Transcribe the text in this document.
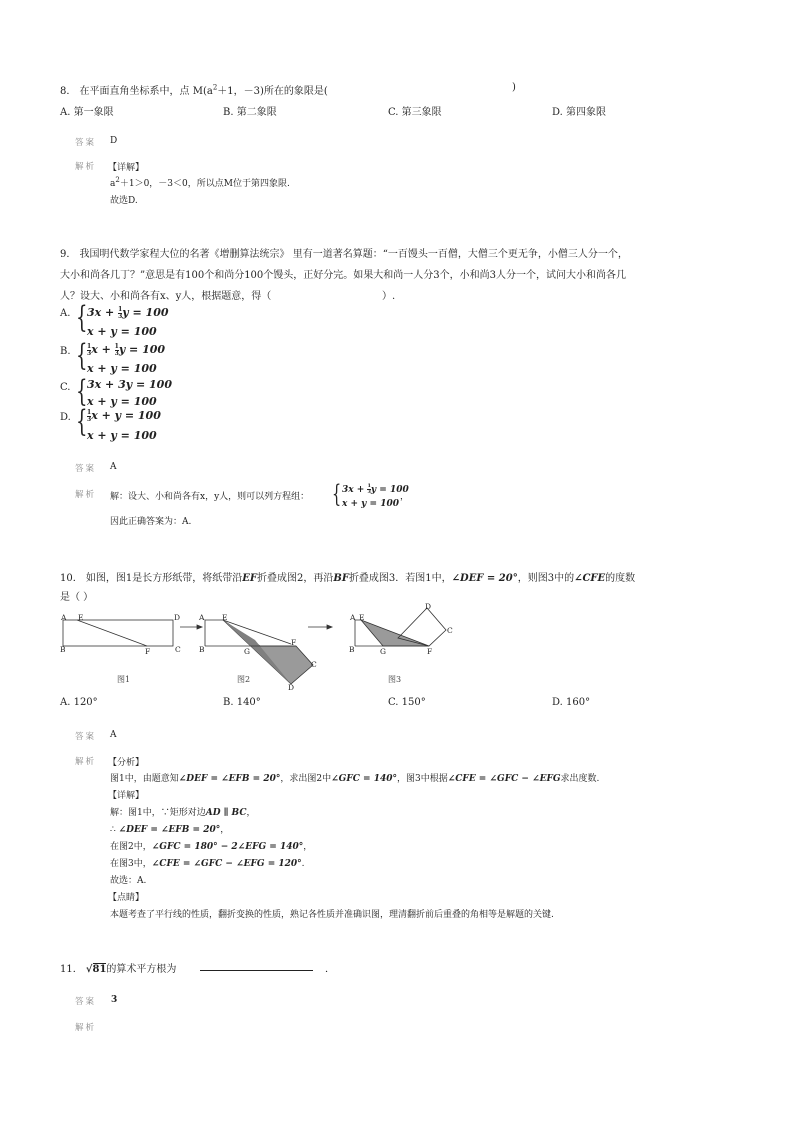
8． 在平面直角坐标系中，点 $M(a^2+1$，－3)所在的象限是(	)
A. 第一象限	B. 第二象限	C. 第三象限	D. 第四象限
答案 D
解析 【详解】
$a^2+1>0$，－3＜0，所以点M位于第四象限.
故选D.
9． 我国明代数学家程大位的名著《增删算法统宗》 里有一道著名算题：“一百馒头一百僧，大僧三个更无争，小僧三人分一个，
大小和尚各几丁？”意思是有100个和尚分100个馒头，正好分完。如果大和尚一人分3个，小和尚3人分一个，试问大小和尚各几
人？设大、小和尚各有x、y人，根据题意，得（	）.
A. { $3x + \frac{1}{3}$ y = 100
x + y = 100
B. { $\frac{1}{3}$ $x + \frac{1}{3}$ y = 100
x + y = 100
C. { 3x + 3y = 100
x + y = 100
D. { $\frac{1}{3}$ x + y = 100
x + y = 100
答案 A
解析 解：设大、小和尚各有x，y人，则可以列方程组： { $3x + \frac{1}{3}$ y = 100
x + y = 100
，
因此正确答案为：A.
10． 如图，图1是长方形纸带，将纸带沿EF折叠成图2，再沿BF折叠成图3．若图1中，∠DEF = 20°，则图3中的∠CFE的度数
是（ ）
A E	D
B	F	C
A E
F
B	G
C
D
A E
D
C
B	G	F
图1	图2	图3
A. 120°	B. 140°	C. 150°	D. 160°
答案 A
解析 【分析】
图1中，由题意知∠DEF = ∠EFB = 20°，求出图2中∠GFC = 140°，图3中根据∠CFE = ∠GFC − ∠EFG求出度数.
【详解】
解：图1中，∵矩形对边AD ∥ BC，
∴ ∠DEF = ∠EFB = 20°，
在图2中，∠GFC = 180° − 2∠EFG = 140°，
在图3中，∠CFE = ∠GFC − ∠EFG = 120°.
故选：A.
【点睛】
本题考查了平行线的性质，翻折变换的性质，熟记各性质并准确识图，理清翻折前后重叠的角相等是解题的关键.
11． √81的算术平方根为	．
答案 3
解析
